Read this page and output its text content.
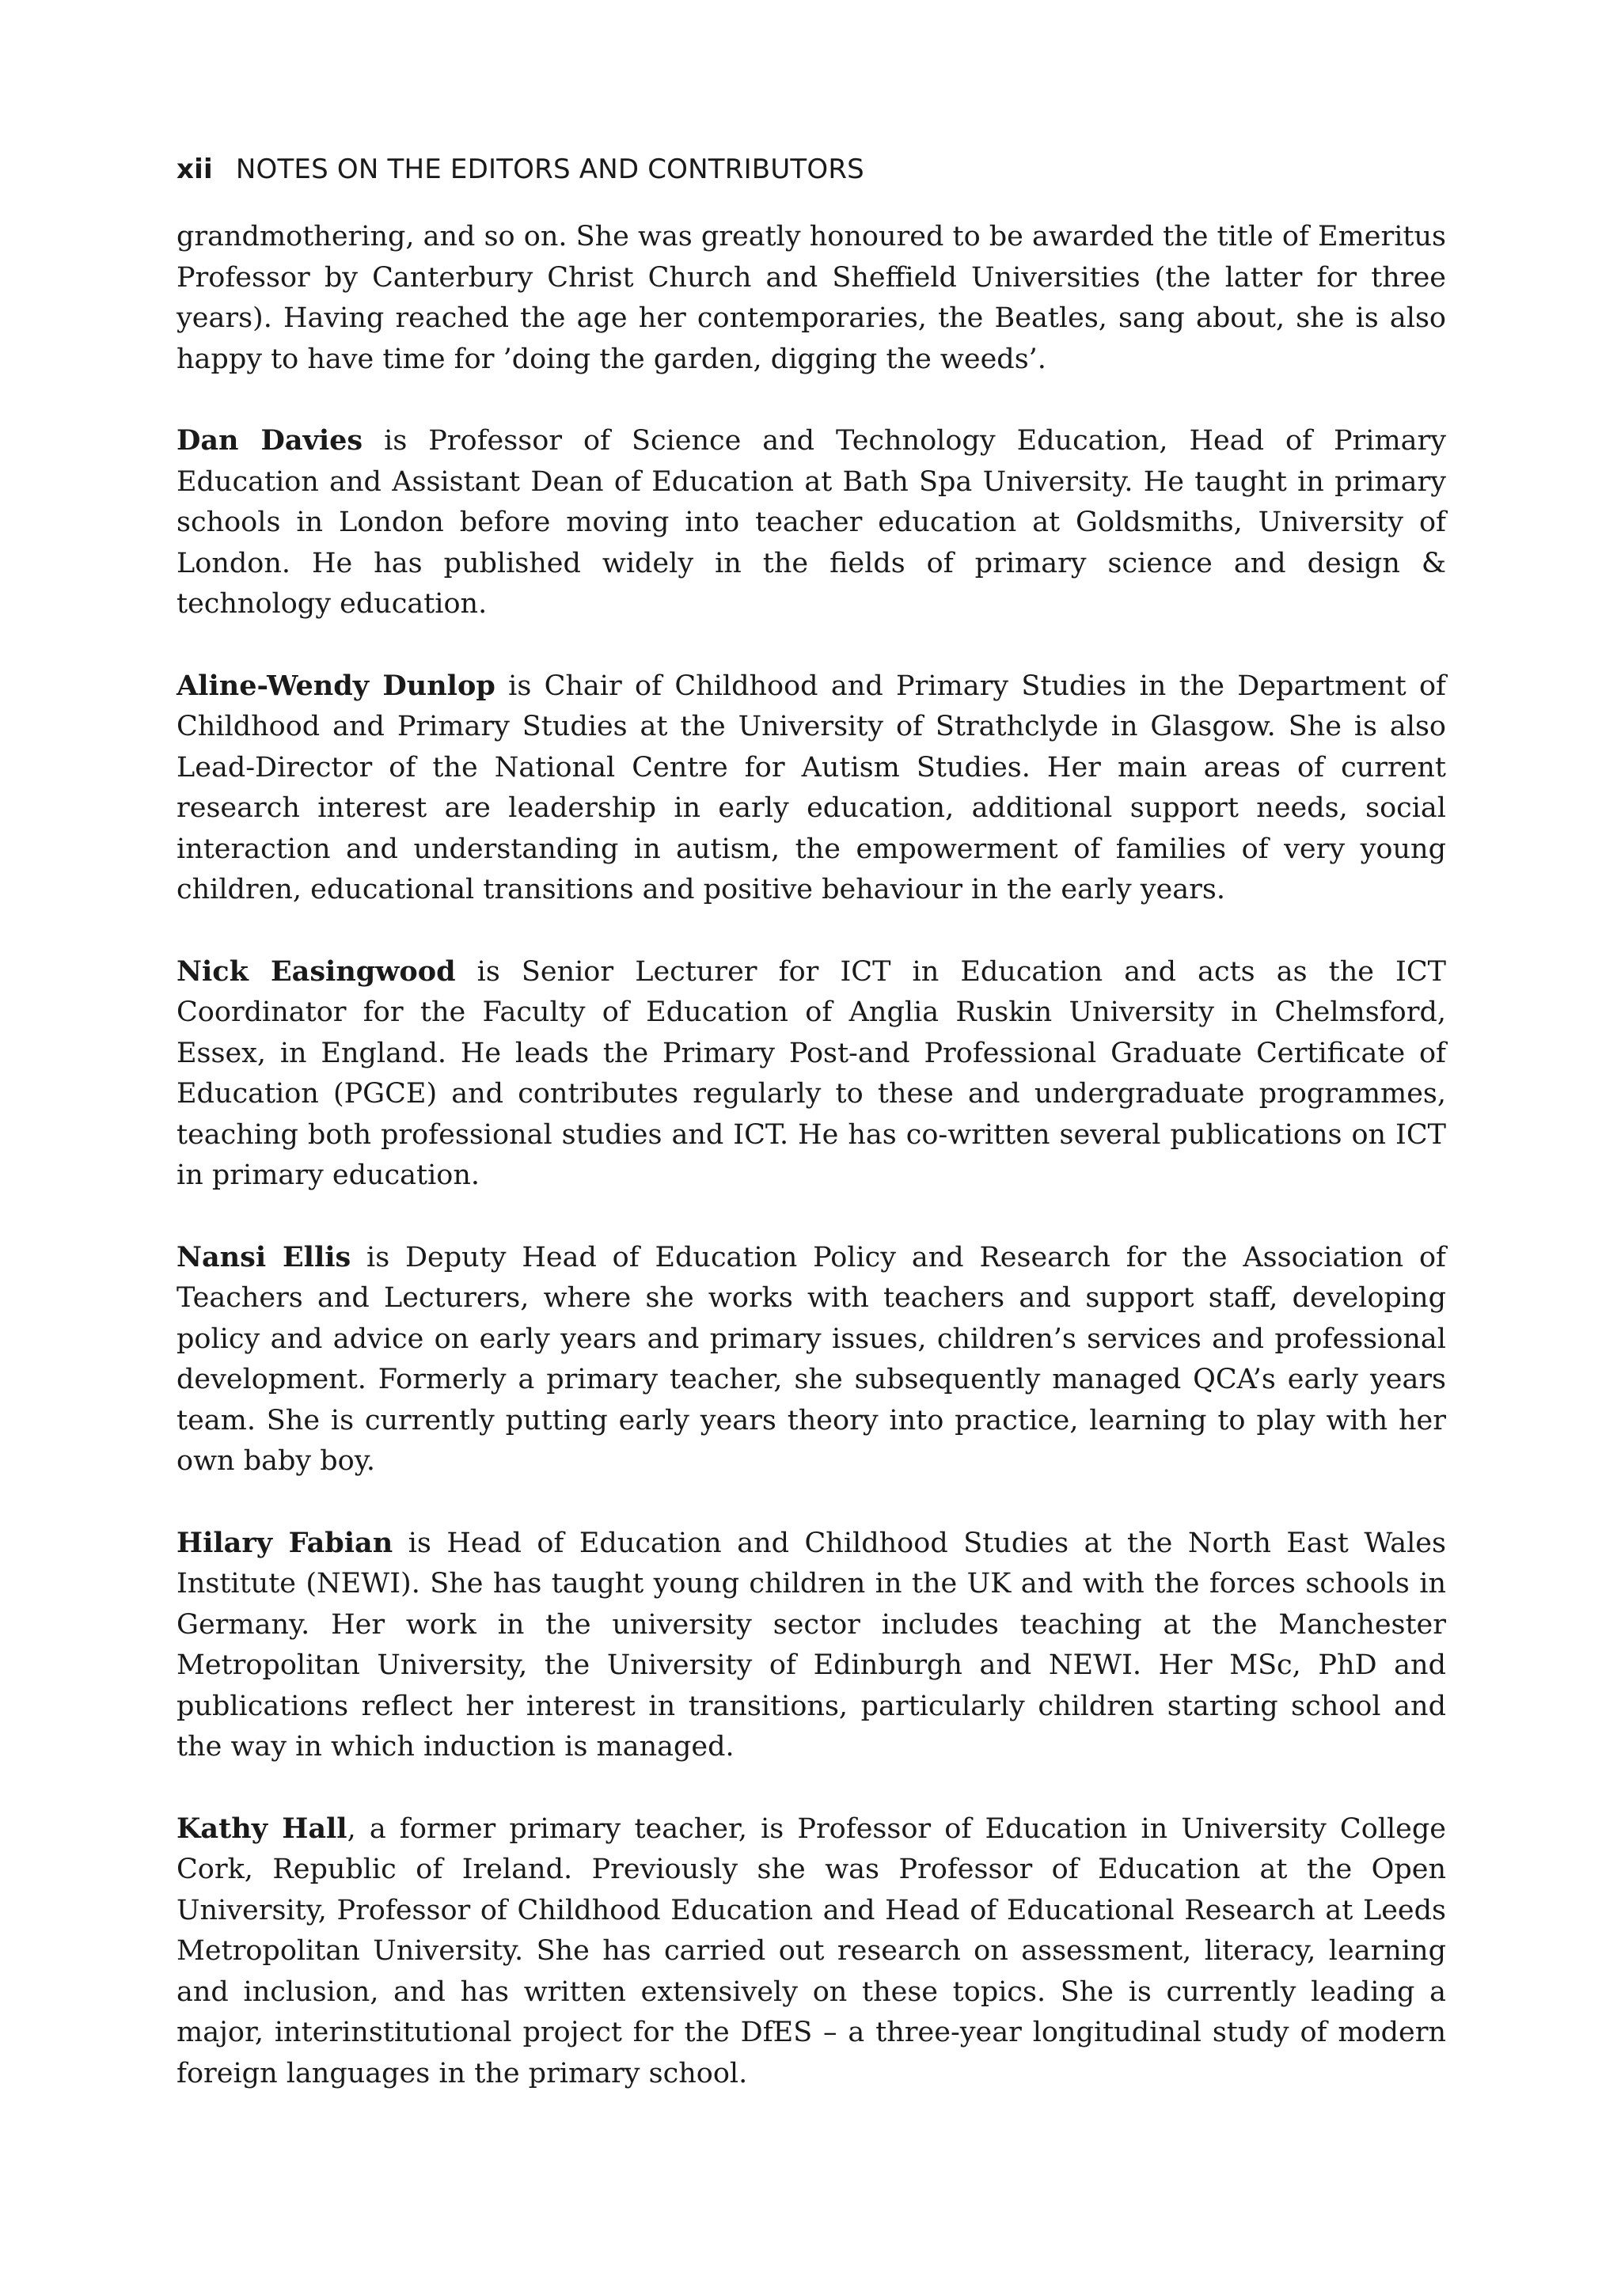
xii NOTES ON THE EDITORS AND CONTRIBUTORS

grandmothering, and so on. She was greatly honoured to be awarded the title of Emeritus Professor by Canterbury Christ Church and Sheffield Universities (the latter for three years). Having reached the age her contemporaries, the Beatles, sang about, she is also happy to have time for ’doing the garden, digging the weeds’.

Dan Davies is Professor of Science and Technology Education, Head of Primary Education and Assistant Dean of Education at Bath Spa University. He taught in primary schools in London before moving into teacher education at Goldsmiths, University of London. He has published widely in the fields of primary science and design & technology education.

Aline-Wendy Dunlop is Chair of Childhood and Primary Studies in the Department of Childhood and Primary Studies at the University of Strathclyde in Glasgow. She is also Lead-Director of the National Centre for Autism Studies. Her main areas of current research interest are leadership in early education, additional support needs, social interaction and understanding in autism, the empowerment of families of very young children, educational transitions and positive behaviour in the early years.

Nick Easingwood is Senior Lecturer for ICT in Education and acts as the ICT Coordinator for the Faculty of Education of Anglia Ruskin University in Chelmsford, Essex, in England. He leads the Primary Post-and Professional Graduate Certificate of Education (PGCE) and contributes regularly to these and undergraduate programmes, teaching both professional studies and ICT. He has co-written several publications on ICT in primary education.

Nansi Ellis is Deputy Head of Education Policy and Research for the Association of Teachers and Lecturers, where she works with teachers and support staff, developing policy and advice on early years and primary issues, children’s services and professional development. Formerly a primary teacher, she subsequently managed QCA’s early years team. She is currently putting early years theory into practice, learning to play with her own baby boy.

Hilary Fabian is Head of Education and Childhood Studies at the North East Wales Institute (NEWI). She has taught young children in the UK and with the forces schools in Germany. Her work in the university sector includes teaching at the Manchester Metropolitan University, the University of Edinburgh and NEWI. Her MSc, PhD and publications reflect her interest in transitions, particularly children starting school and the way in which induction is managed.

Kathy Hall, a former primary teacher, is Professor of Education in University College Cork, Republic of Ireland. Previously she was Professor of Education at the Open University, Professor of Childhood Education and Head of Educational Research at Leeds Metropolitan University. She has carried out research on assessment, literacy, learning and inclusion, and has written extensively on these topics. She is currently leading a major, interinstitutional project for the DfES – a three-year longitudinal study of modern foreign languages in the primary school.
